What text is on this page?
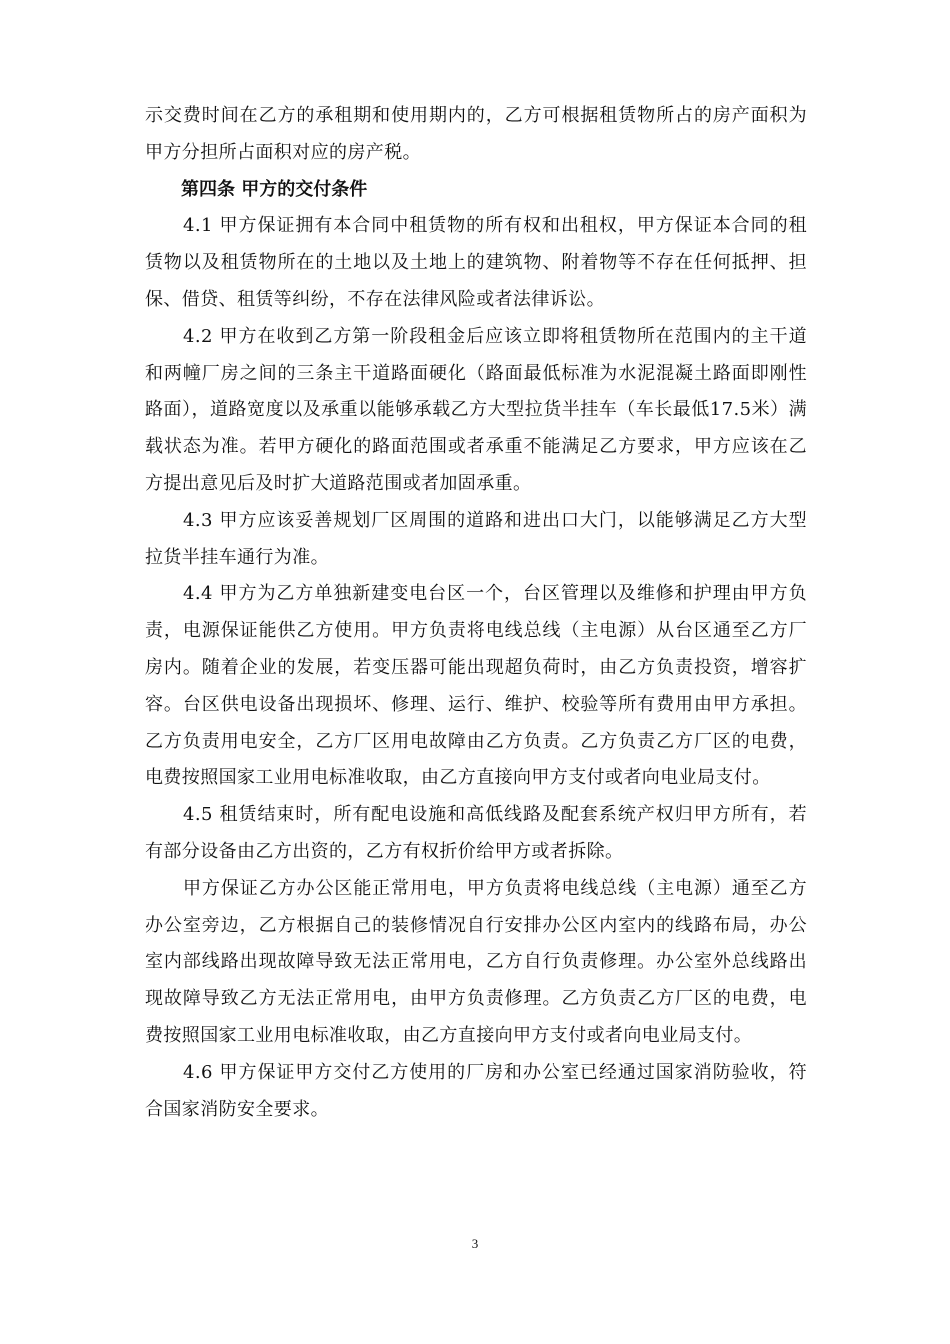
示交费时间在乙方的承租期和使用期内的，乙方可根据租赁物所占的房产面积为甲方分担所占面积对应的房产税。

第四条 甲方的交付条件

4.1 甲方保证拥有本合同中租赁物的所有权和出租权，甲方保证本合同的租赁物以及租赁物所在的土地以及土地上的建筑物、附着物等不存在任何抵押、担保、借贷、租赁等纠纷，不存在法律风险或者法律诉讼。

4.2 甲方在收到乙方第一阶段租金后应该立即将租赁物所在范围内的主干道和两幢厂房之间的三条主干道路面硬化（路面最低标准为水泥混凝土路面即刚性路面），道路宽度以及承重以能够承载乙方大型拉货半挂车（车长最低17.5米）满载状态为准。若甲方硬化的路面范围或者承重不能满足乙方要求，甲方应该在乙方提出意见后及时扩大道路范围或者加固承重。

4.3 甲方应该妥善规划厂区周围的道路和进出口大门，以能够满足乙方大型拉货半挂车通行为准。

4.4 甲方为乙方单独新建变电台区一个，台区管理以及维修和护理由甲方负责，电源保证能供乙方使用。甲方负责将电线总线（主电源）从台区通至乙方厂房内。随着企业的发展，若变压器可能出现超负荷时，由乙方负责投资，增容扩容。台区供电设备出现损坏、修理、运行、维护、校验等所有费用由甲方承担。乙方负责用电安全，乙方厂区用电故障由乙方负责。乙方负责乙方厂区的电费，电费按照国家工业用电标准收取，由乙方直接向甲方支付或者向电业局支付。

4.5 租赁结束时，所有配电设施和高低线路及配套系统产权归甲方所有，若有部分设备由乙方出资的，乙方有权折价给甲方或者拆除。

甲方保证乙方办公区能正常用电，甲方负责将电线总线（主电源）通至乙方办公室旁边，乙方根据自己的装修情况自行安排办公区内室内的线路布局，办公室内部线路出现故障导致无法正常用电，乙方自行负责修理。办公室外总线路出现故障导致乙方无法正常用电，由甲方负责修理。乙方负责乙方厂区的电费，电费按照国家工业用电标准收取，由乙方直接向甲方支付或者向电业局支付。

4.6 甲方保证甲方交付乙方使用的厂房和办公室已经通过国家消防验收，符合国家消防安全要求。

3
